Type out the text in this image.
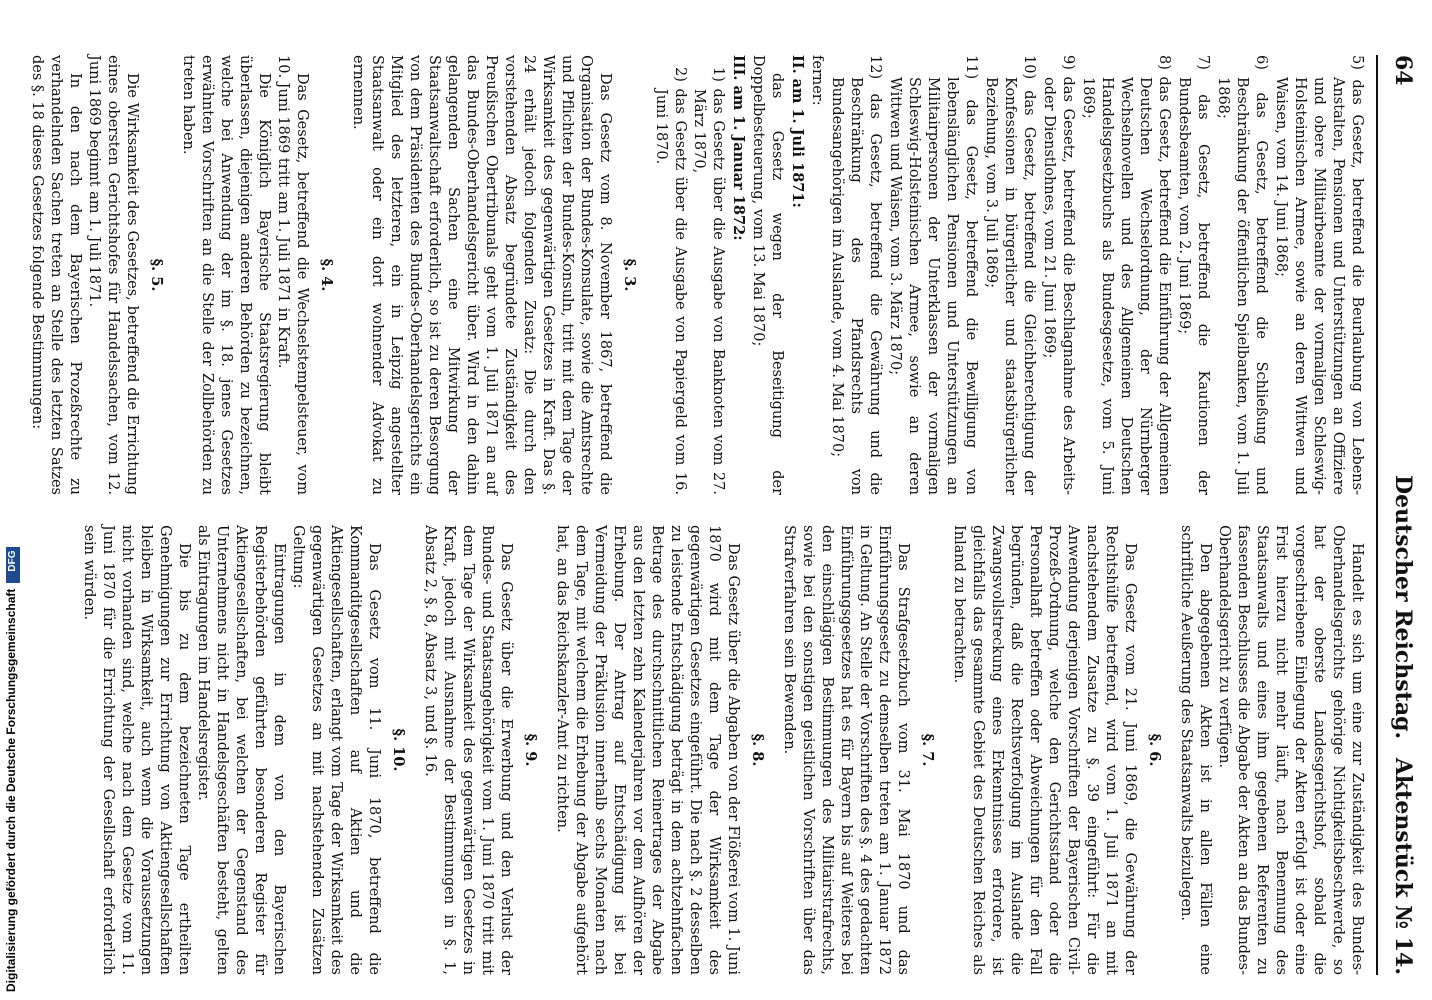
64
Deutscher Reichstag.
Aktenstück № 14.

5) das Gesetz, betreffend die Beurlaubung von Lebens-Anstalten, Pensionen und Unterstützungen an Offiziere und obere Militairbeamte der vormaligen Schleswig-Holsteinischen Armee, sowie an deren Wittwen und Waisen, vom 14. Juni 1868;

6) das Gesetz, betreffend die Schließung und Beschränkung der öffentlichen Spielbanken, vom 1. Juli 1868;

7) das Gesetz, betreffend die Kautionen der Bundesbeamten, vom 2. Juni 1869;

8) das Gesetz, betreffend die Einführung der Allgemeinen Deutschen Wechselordnung, der Nürnberger Wechselnovellen und des Allgemeinen Deutschen Handelsgesetzbuchs als Bundesgesetze, vom 5. Juni 1869;

9) das Gesetz, betreffend die Beschlagnahme des Arbeits- oder Dienstlohnes, vom 21. Juni 1869;

10) das Gesetz, betreffend die Gleichberechtigung der Konfessionen in bürgerlicher und staatsbürgerlicher Beziehung, vom 3. Juli 1869;

11) das Gesetz, betreffend die Bewilligung von lebenslänglichen Pensionen und Unterstützungen an Militairpersonen der Unterklassen der vormaligen Schleswig-Holsteinischen Armee, sowie an deren Wittwen und Waisen, vom 3. März 1870;

12) das Gesetz, betreffend die Gewährung und die Beschränkung des Pfandsrechts von Bundesangehörigen im Auslande, vom 4. Mai 1870;

ferner:

II. am 1. Juli 1871:

das Gesetz wegen der Beseitigung der Doppelbesteuerung, vom 13. Mai 1870;

III. am 1. Januar 1872:

1) das Gesetz über die Ausgabe von Banknoten vom 27. März 1870,

2) das Gesetz über die Ausgabe von Papiergeld vom 16. Juni 1870.

§. 3.

Das Gesetz vom 8. November 1867, betreffend die Organisation der Bundes-Konsulate, sowie die Amtsrechte und Pflichten der Bundes-Konsuln, tritt mit dem Tage der Wirksamkeit des gegenwärtigen Gesetzes in Kraft. Das §. 24 erhält jedoch folgenden Zusatz: Die durch den vorstehenden Absatz begründete Zuständigkeit des Preußischen Obertribunals geht vom 1. Juli 1871 an auf das Bundes-Oberhandelsgericht über. Wird in den dahin gelangenden Sachen eine Mitwirkung der Staatsanwaltschaft erforderlich, so ist zu deren Besorgung von dem Präsidenten des Bundes-Oberhandelsgerichts ein Mitglied des letzteren, ein in Leipzig angestellter Staatsanwalt oder ein dort wohnender Advokat zu ernennen.

§. 4.

Das Gesetz, betreffend die Wechselstempelsteuer, vom 10. Juni 1869 tritt am 1. Juli 1871 in Kraft.

Die Königlich Bayerische Staatsregierung bleibt überlassen, diejenigen anderen Behörden zu bezeichnen, welche bei Anwendung der im §. 18. jenes Gesetzes erwähnten Vorschriften an die Stelle der Zollbehörden zu treten haben.

§. 5.

Die Wirksamkeit des Gesetzes, betreffend die Errichtung eines obersten Gerichtshofes für Handelssachen, vom 12. Juni 1869 beginnt am 1. Juli 1871.

In den nach dem Bayerischen Prozeßrechte zu verhandelnden Sachen treten an Stelle des letzten Satzes des §. 18 dieses Gesetzes folgende Bestimmungen:

Handelt es sich um eine zur Zuständigkeit des Bundes-Oberhandelsgerichts gehörige Nichtigkeitsbeschwerde, so hat der oberste Landesgerichtshof, sobald die vorgeschriebene Einlegung der Akten erfolgt ist oder eine Frist hierzu nicht mehr läuft, nach Benennung des Staatsanwalts und eines ihm gegebenen Referenten zu fassenden Beschlusses die Abgabe der Akten an das Bundes-Oberhandelsgericht zu verfügen.

Den abgegebenen Akten ist in allen Fällen eine schriftliche Aeußerung des Staatsanwalts beizulegen.

§. 6.

Das Gesetz vom 21. Juni 1869, die Gewährung der Rechtshülfe betreffend, wird vom 1. Juli 1871 an mit nachstehendem Zusatze zu §. 39 eingeführt: Für die Anwendung derjenigen Vorschriften der Bayerischen Civil-Prozeß-Ordnung, welche den Gerichtsstand oder die Personalhaft betreffen oder Abweichungen für den Fall begründen, daß die Rechtsverfolgung im Auslande die Zwangsvollstreckung eines Erkenntnisses erfordere, ist gleichfalls das gesammte Gebiet des Deutschen Reiches als Inland zu betrachten.

§. 7.

Das Strafgesetzbuch vom 31. Mai 1870 und das Einführungsgesetz zu demselben treten am 1. Januar 1872 in Geltung. An Stelle der Vorschriften des §. 4 des gedachten Einführungsgesetzes hat es für Bayern bis auf Weiteres bei den einschlägigen Bestimmungen des Militairstrafrechts, sowie bei den sonstigen geistlichen Vorschriften über das Strafverfahren sein Bewenden.

§. 8.

Das Gesetz über die Abgaben von der Flößerei vom 1. Juni 1870 wird mit dem Tage der Wirksamkeit des gegenwärtigen Gesetzes eingeführt. Die nach §. 2 desselben zu leistende Entschädigung beträgt in dem achtzehnfachen Betrage des durchschnittlichen Reinertrages der Abgabe aus den letzten zehn Kalenderjahren vor dem Aufhören der Erhebung. Der Antrag auf Entschädigung ist bei Vermeidung der Präklusion innerhalb sechs Monaten nach dem Tage, mit welchem die Erhebung der Abgabe aufgehört hat, an das Reichskanzler-Amt zu richten.

§. 9.

Das Gesetz über die Erwerbung und den Verlust der Bundes- und Staatsangehörigkeit vom 1. Juni 1870 tritt mit dem Tage der Wirksamkeit des gegenwärtigen Gesetzes in Kraft, jedoch mit Ausnahme der Bestimmungen in §. 1, Absatz 2, §. 8, Absatz 3, und §. 16.

§. 10.

Das Gesetz vom 11. Juni 1870, betreffend die Kommanditgesellschaften auf Aktien und die Aktiengesellschaften, erlangt vom Tage der Wirksamkeit des gegenwärtigen Gesetzes an mit nachstehenden Zusätzen Geltung:

Eintragungen in dem von den Bayerischen Registerbehörden geführten besonderen Register für Aktiengesellschaften, bei welchen der Gegenstand des Unternehmens nicht in Handelsgeschäften besteht, gelten als Eintragungen im Handelsregister.

Die bis zu dem bezeichneten Tage ertheilten Genehmigungen zur Errichtung von Aktiengesellschaften bleiben in Wirksamkeit, auch wenn die Voraussetzungen nicht vorhanden sind, welche nach dem Gesetze vom 11. Juni 1870 für die Errichtung der Gesellschaft erforderlich sein würden.

Digitalisierung gefördert durch die Deutsche ForschungsgemeinschaftDFG
